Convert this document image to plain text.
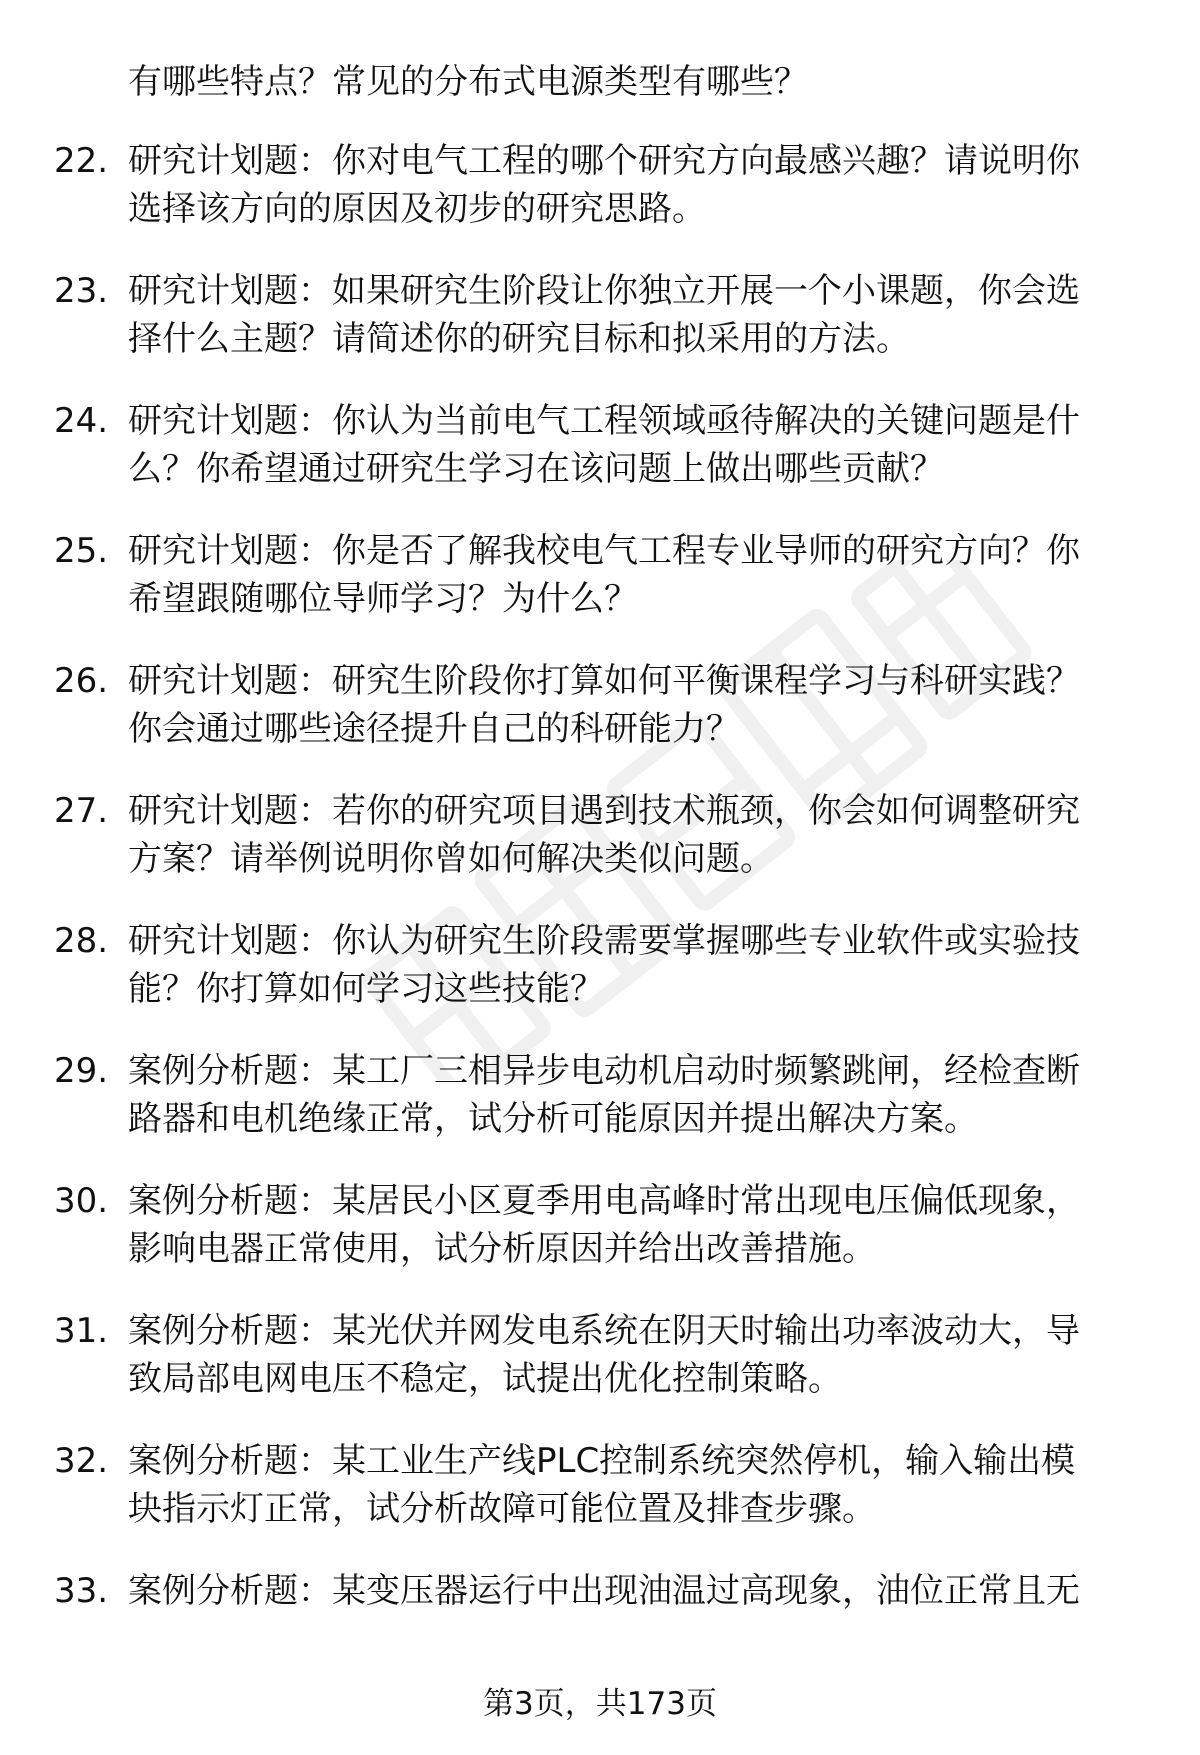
有哪些特点？常见的分布式电源类型有哪些？

22. 研究计划题：你对电气工程的哪个研究方向最感兴趣？请说明你
选择该方向的原因及初步的研究思路。
23. 研究计划题：如果研究生阶段让你独立开展一个小课题，你会选
择什么主题？请简述你的研究目标和拟采用的方法。
24. 研究计划题：你认为当前电气工程领域亟待解决的关键问题是什
么？你希望通过研究生学习在该问题上做出哪些贡献？
25. 研究计划题：你是否了解我校电气工程专业导师的研究方向？你
希望跟随哪位导师学习？为什么？
26. 研究计划题：研究生阶段你打算如何平衡课程学习与科研实践？
你会通过哪些途径提升自己的科研能力？
27. 研究计划题：若你的研究项目遇到技术瓶颈，你会如何调整研究
方案？请举例说明你曾如何解决类似问题。
28. 研究计划题：你认为研究生阶段需要掌握哪些专业软件或实验技
能？你打算如何学习这些技能？
29. 案例分析题：某工厂三相异步电动机启动时频繁跳闸，经检查断
路器和电机绝缘正常，试分析可能原因并提出解决方案。
30. 案例分析题：某居民小区夏季用电高峰时常出现电压偏低现象，
影响电器正常使用，试分析原因并给出改善措施。
31. 案例分析题：某光伏并网发电系统在阴天时输出功率波动大，导
致局部电网电压不稳定，试提出优化控制策略。
32. 案例分析题：某工业生产线PLC控制系统突然停机，输入输出模
块指示灯正常，试分析故障可能位置及排查步骤。
33. 案例分析题：某变压器运行中出现油温过高现象，油位正常且无
第3页，共173页
